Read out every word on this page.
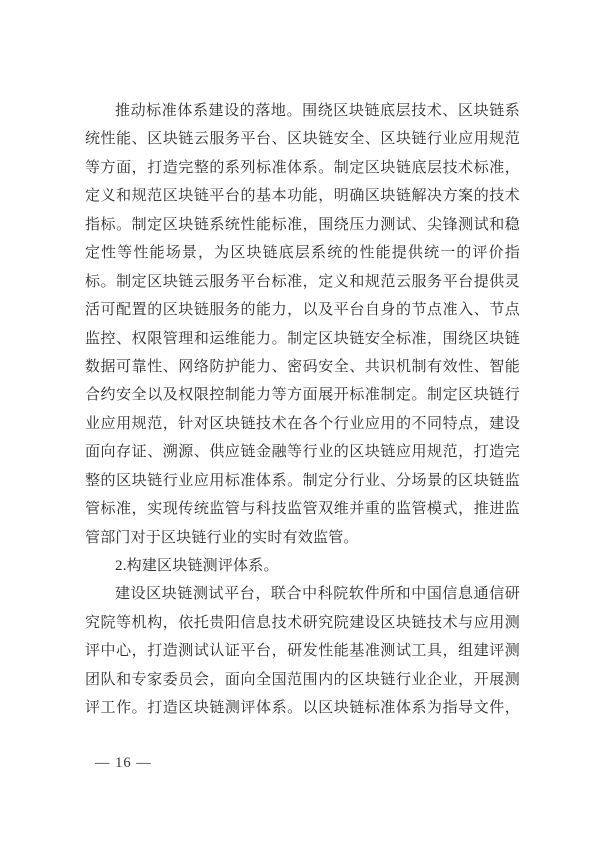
推动标准体系建设的落地。围绕区块链底层技术、区块链系
统性能、区块链云服务平台、区块链安全、区块链行业应用规范
等方面，打造完整的系列标准体系。制定区块链底层技术标准，
定义和规范区块链平台的基本功能，明确区块链解决方案的技术
指标。制定区块链系统性能标准，围绕压力测试、尖锋测试和稳
定性等性能场景，为区块链底层系统的性能提供统一的评价指
标。制定区块链云服务平台标准，定义和规范云服务平台提供灵
活可配置的区块链服务的能力，以及平台自身的节点准入、节点
监控、权限管理和运维能力。制定区块链安全标准，围绕区块链
数据可靠性、网络防护能力、密码安全、共识机制有效性、智能
合约安全以及权限控制能力等方面展开标准制定。制定区块链行
业应用规范，针对区块链技术在各个行业应用的不同特点，建设
面向存证、溯源、供应链金融等行业的区块链应用规范，打造完
整的区块链行业应用标准体系。制定分行业、分场景的区块链监
管标准，实现传统监管与科技监管双维并重的监管模式，推进监
管部门对于区块链行业的实时有效监管。
2.构建区块链测评体系。
建设区块链测试平台，联合中科院软件所和中国信息通信研
究院等机构，依托贵阳信息技术研究院建设区块链技术与应用测
评中心，打造测试认证平台，研发性能基准测试工具，组建评测
团队和专家委员会，面向全国范围内的区块链行业企业，开展测
评工作。打造区块链测评体系。以区块链标准体系为指导文件，
— 16 —
